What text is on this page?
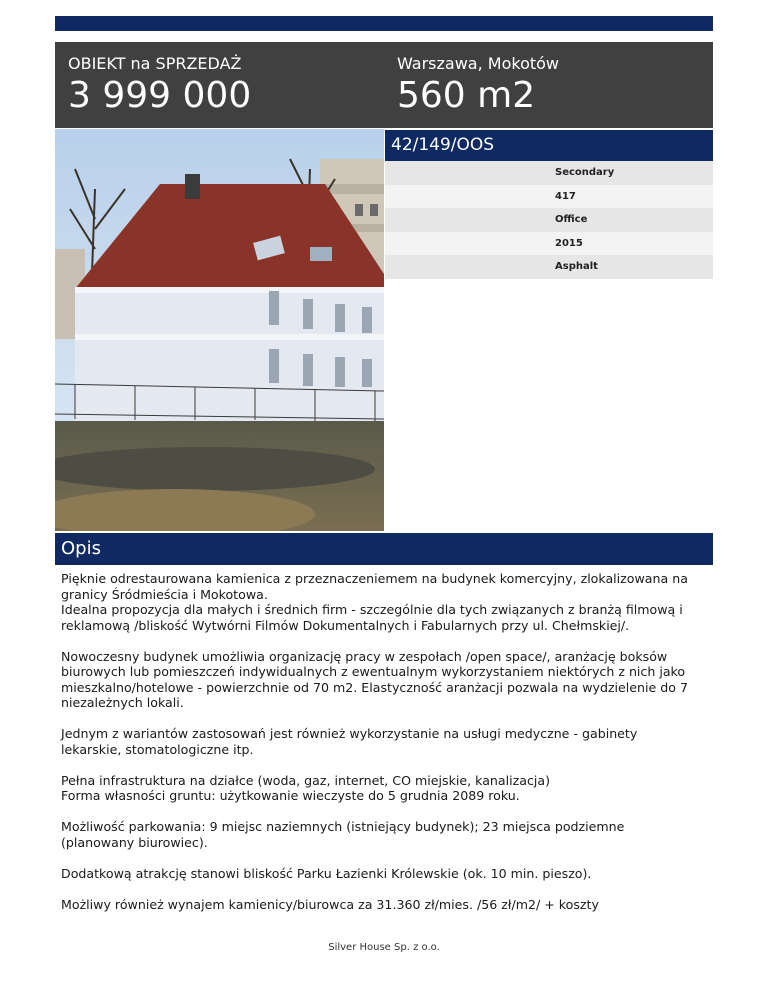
OBIEKT na SPRZEDAŻ
3 999 000
Warszawa, Mokotów
560 m2
42/149/OOS
Secondary
417
Office
2015
Asphalt
Opis

Pięknie odrestaurowana kamienica z przeznaczeniemem na budynek komercyjny, zlokalizowana na
granicy Śródmieścia i Mokotowa.
Idealna propozycja dla małych i średnich firm - szczególnie dla tych związanych z branżą filmową i
reklamową /bliskość Wytwórni Filmów Dokumentalnych i Fabularnych przy ul. Chełmskiej/.

Nowoczesny budynek umożliwia organizację pracy w zespołach /open space/, aranżację boksów
biurowych lub pomieszczeń indywidualnych z ewentualnym wykorzystaniem niektórych z nich jako
mieszkalno/hotelowe - powierzchnie od 70 m2. Elastyczność aranżacji pozwala na wydzielenie do 7
niezależnych lokali.

Jednym z wariantów zastosowań jest również wykorzystanie na usługi medyczne - gabinety
lekarskie, stomatologiczne itp.

Pełna infrastruktura na działce (woda, gaz, internet, CO miejskie, kanalizacja)
Forma własności gruntu: użytkowanie wieczyste do 5 grudnia 2089 roku.

Możliwość parkowania: 9 miejsc naziemnych (istniejący budynek); 23 miejsca podziemne
(planowany biurowiec).

Dodatkową atrakcję stanowi bliskość Parku Łazienki Królewskie (ok. 10 min. pieszo).

Możliwy również wynajem kamienicy/biurowca za 31.360 zł/mies. /56 zł/m2/ + koszty

Silver House Sp. z o.o.
